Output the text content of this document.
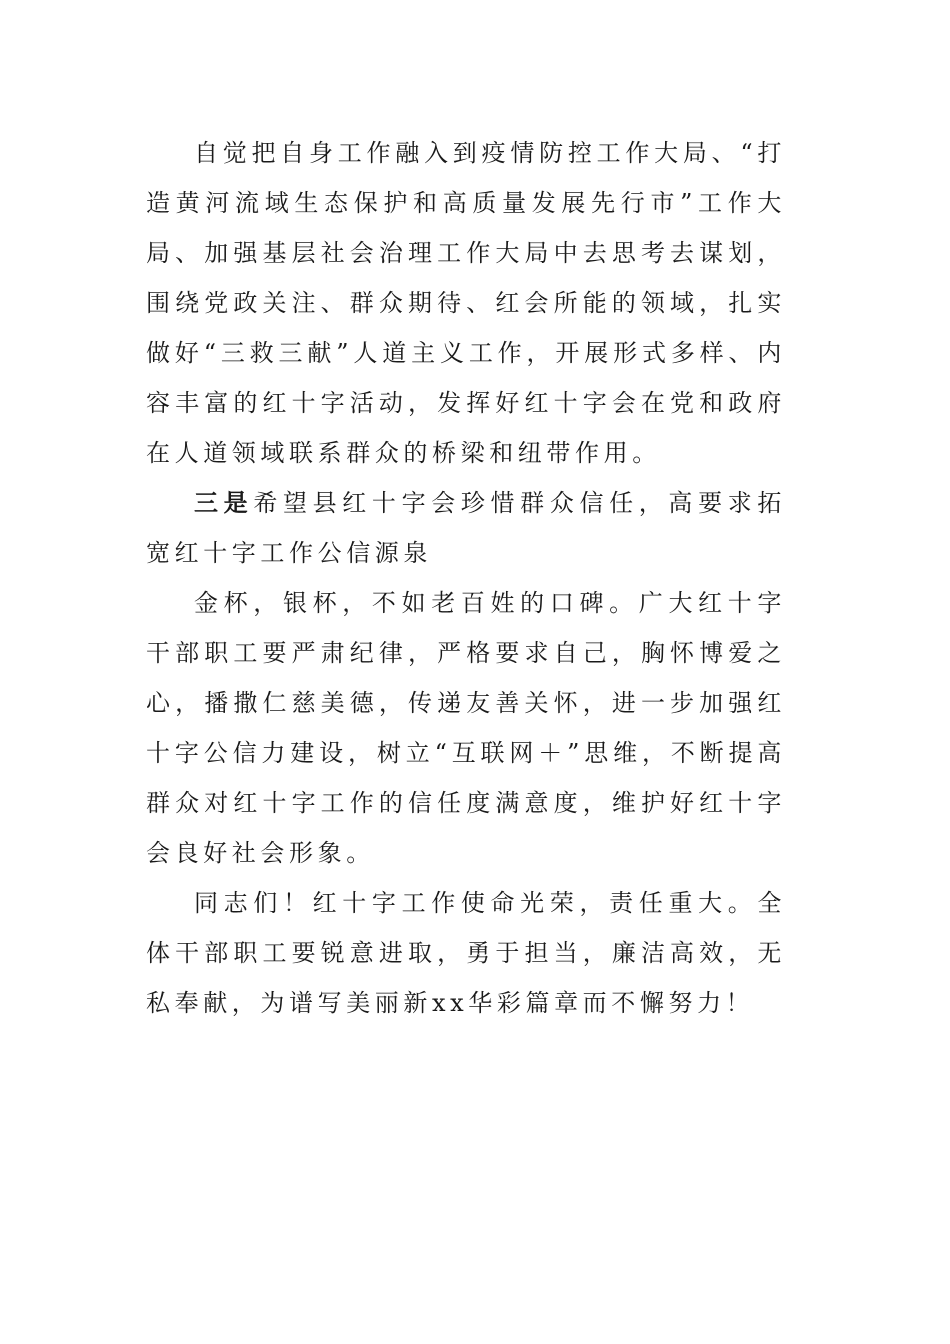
自觉把自身工作融入到疫情防控工作大局、“打造黄河流域生态保护和高质量发展先行市”工作大局、加强基层社会治理工作大局中去思考去谋划，围绕党政关注、群众期待、红会所能的领域，扎实做好“三救三献”人道主义工作，开展形式多样、内容丰富的红十字活动，发挥好红十字会在党和政府在人道领域联系群众的桥梁和纽带作用。

三是希望县红十字会珍惜群众信任，高要求拓宽红十字工作公信源泉

金杯，银杯，不如老百姓的口碑。广大红十字干部职工要严肃纪律，严格要求自己，胸怀博爱之心，播撒仁慈美德，传递友善关怀，进一步加强红十字公信力建设，树立“互联网＋”思维，不断提高群众对红十字工作的信任度满意度，维护好红十字会良好社会形象。

同志们！红十字工作使命光荣，责任重大。全体干部职工要锐意进取，勇于担当，廉洁高效，无私奉献，为谱写美丽新xx华彩篇章而不懈努力！
